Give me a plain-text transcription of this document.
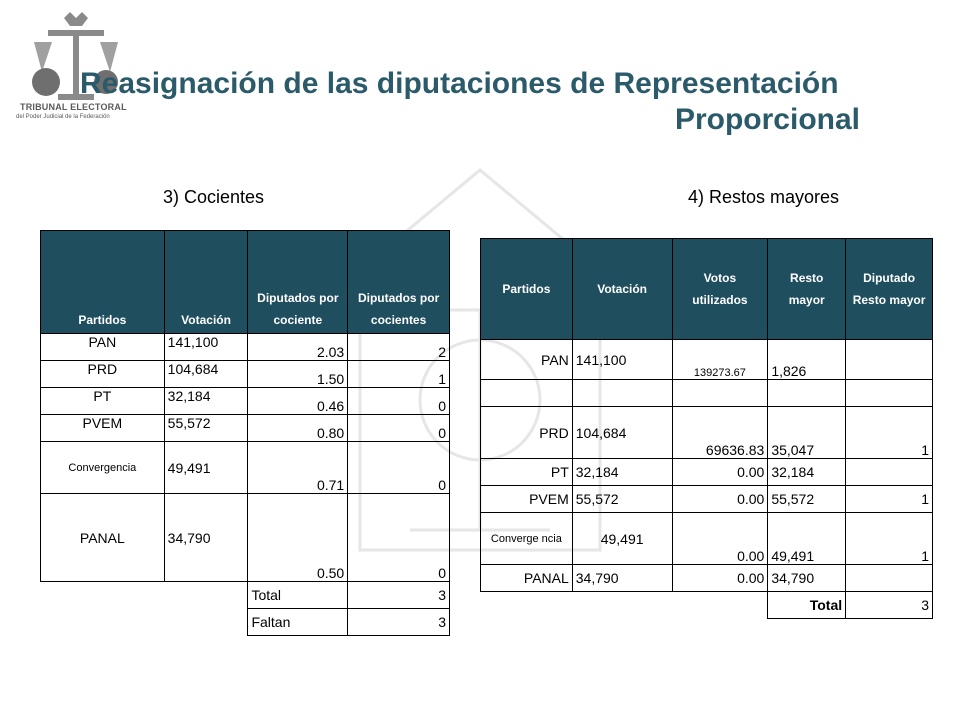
TRIBUNAL ELECTORAL
del Poder Judicial de la Federación
Reasignación de las diputaciones de Representación
Proporcional
3) Cocientes	4) Restos mayores
Partidos	Votación	Diputados por cociente	Diputados por cocientes
PAN	141,100	2.03	2
PRD	104,684	1.50	1
PT	32,184	0.46	0
PVEM	55,572	0.80	0
Convergencia	49,491	0.71	0
PANAL	34,790	0.50	0
		Total	3
		Faltan	3
Partidos	Votación	Votos utilizados	Resto mayor	Diputado Resto mayor
PAN	141,100	139273.67	1,826	

PRD	104,684	69636.83	35,047	1
PT	32,184	0.00	32,184	
PVEM	55,572	0.00	55,572	1
Converge ncia	49,491	0.00	49,491	1
PANAL	34,790	0.00	34,790	
			Total	3
